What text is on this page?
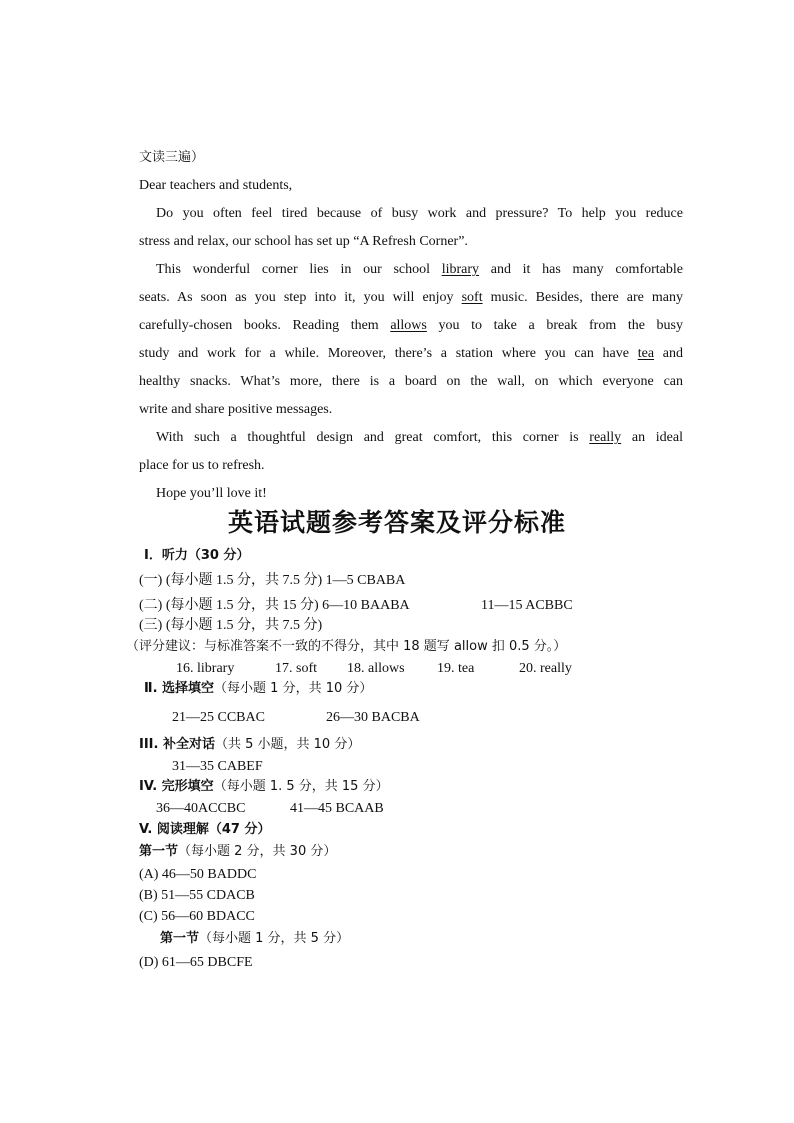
文读三遍）
Dear teachers and students,
Do you often feel tired because of busy work and pressure? To help you reduce
stress and relax, our school has set up “A Refresh Corner”.
This wonderful corner lies in our school library and it has many comfortable
seats. As soon as you step into it, you will enjoy soft music. Besides, there are many
carefully-chosen books. Reading them allows you to take a break from the busy
study and work for a while. Moreover, there’s a station where you can have tea and
healthy snacks. What’s more, there is a board on the wall, on which everyone can
write and share positive messages.
With such a thoughtful design and great comfort, this corner is really an ideal
place for us to refresh.
Hope you’ll love it!
英语试题参考答案及评分标准
Ⅰ．听力（30 分）
(一) (每小题 1.5 分，共 7.5 分) 1—5 CBABA
(二) (每小题 1.5 分，共 15 分) 6—10 BAABA	11—15 ACBBC
(三) (每小题 1.5 分，共 7.5 分)
（评分建议：与标准答案不一致的不得分，其中 18 题写 allow 扣 0.5 分。）
16. library	17. soft 18. allows 19. tea	20. really
Ⅱ. 选择填空（每小题 1 分，共 10 分）
21—25 CCBAC	26—30 BACBA
III. 补全对话（共 5 小题，共 10 分）
31—35 CABEF
IV. 完形填空（每小题 1. 5 分，共 15 分）
36—40ACCBC	41—45 BCAAB
V. 阅读理解（47 分）
第一节（每小题 2 分，共 30 分）
(A) 46—50 BADDC
(B) 51—55 CDACB
(C) 56—60 BDACC
第一节（每小题 1 分，共 5 分）
(D) 61—65 DBCFE
